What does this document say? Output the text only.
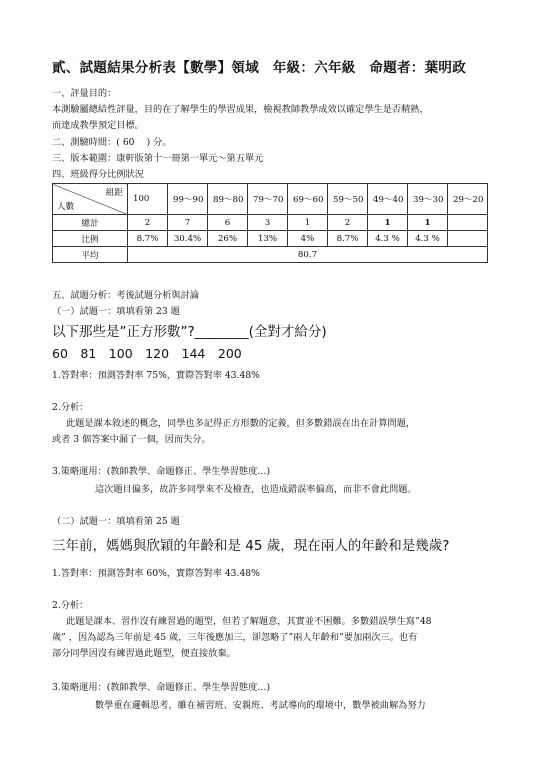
貳、試題結果分析表【數學】領域　年級：六年級　命題者：葉明政
一、評量目的：
本測驗屬總結性評量，目的在了解學生的學習成果，檢視教師教學成效以確定學生是否精熟，
而達成教學預定目標。
二、測驗時間：( 60 　) 分。
三、版本範圍：康軒版第十一冊第一單元～第五單元
四、班級得分比例狀況
組距
人數	100	99～90	89～80	79～70	69～60	59～50	49～40	39～30	29～20
總計	2	7	6	3	1	2	1	1	
比例	8.7%	30.4%	26%	13%	4%	8.7%	4.3 %	4.3 %	
平均	80.7								
五、試題分析：考後試題分析與討論
（一）試題一：填填看第 23 題
以下那些是”正方形數”?________(全對才給分)
60　81　100　120　144　200
1.答對率：預測答對率 75%，實際答對率 43.48%
2.分析：
此題是課本敘述的概念，同學也多記得正方形數的定義，但多數錯誤在出在計算問題，
或者 3 個答案中漏了一個，因而失分。
3.策略運用：(教師教學、命題修正、學生學習態度…)
這次題目偏多，故許多同學來不及檢查，也造成錯誤率偏高，而非不會此問題。
（二）試題一：填填看第 25 題
三年前，媽媽與欣穎的年齡和是 45 歲，現在兩人的年齡和是幾歲?
1.答對率：預測答對率 60%，實際答對率 43.48%
2.分析：
此題是課本、習作沒有練習過的題型，但若了解題意，其實並不困難。多數錯誤學生寫”48
歲” ，因為認為三年前是 45 歲，三年後應加三，卻忽略了”兩人年齡和”要加兩次三。也有
部分同學因沒有練習過此題型，便直接放棄。
3.策略運用：(教師教學、命題修正、學生學習態度…)
數學重在邏輯思考，雖在補習班、安親班、考試導向的環境中，數學被曲解為努力
